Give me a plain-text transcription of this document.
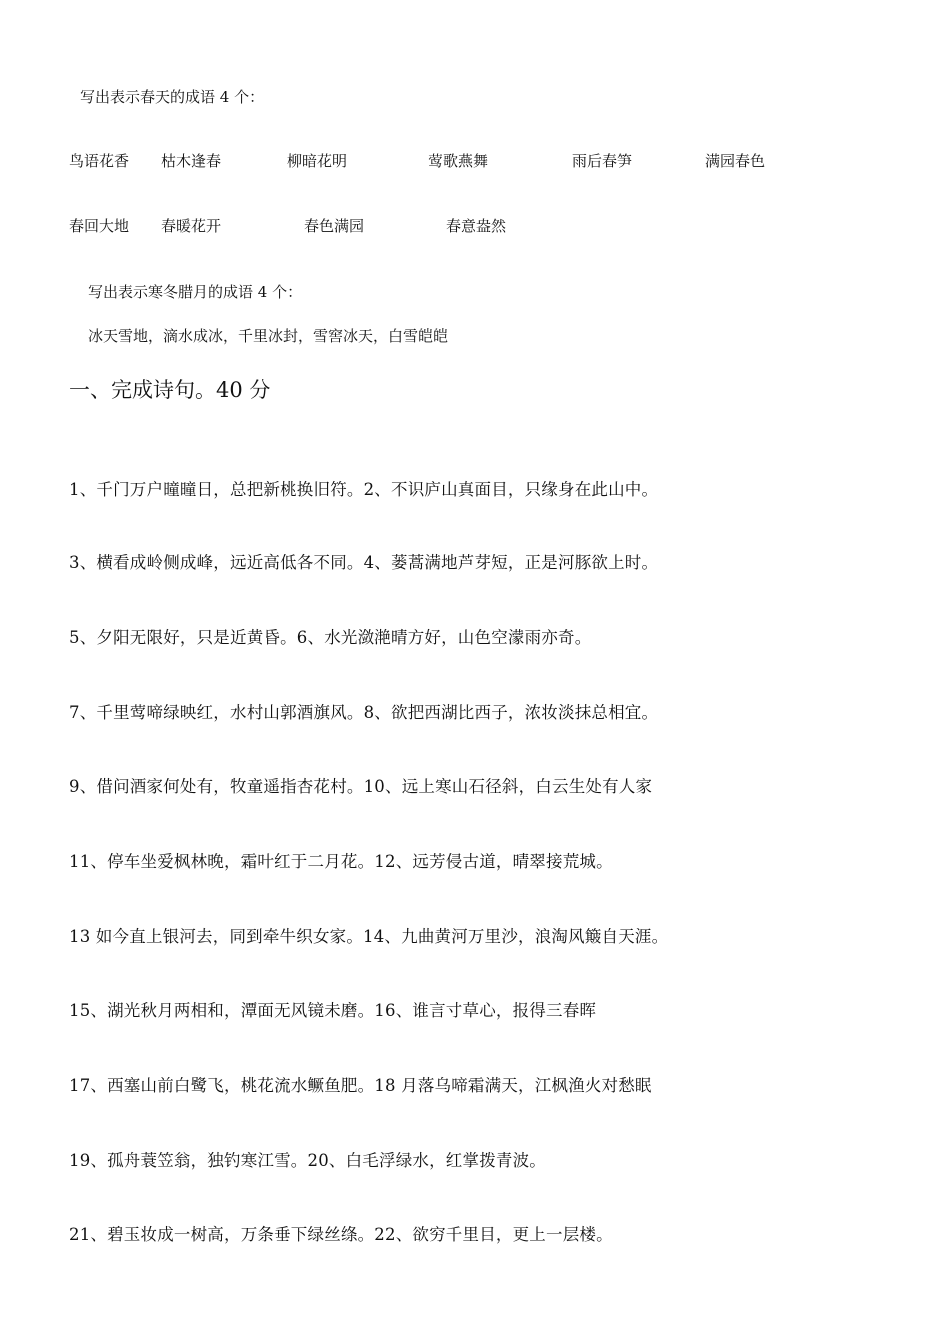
写出表示春天的成语 4 个：
鸟语花香 枯木逢春	柳暗花明	莺歌燕舞	雨后春笋	满园春色
春回大地 春暖花开	春色满园	春意盎然
写出表示寒冬腊月的成语 4 个：
冰天雪地，滴水成冰，千里冰封，雪窖冰天，白雪皑皑
一、完成诗句。40 分
1、千门万户曈曈日，总把新桃换旧符。2、不识庐山真面目，只缘身在此山中。
3、横看成岭侧成峰，远近高低各不同。4、蒌蒿满地芦芽短，正是河豚欲上时。
5、夕阳无限好，只是近黄昏。6、水光潋滟晴方好，山色空濛雨亦奇。
7、千里莺啼绿映红，水村山郭酒旗风。8、欲把西湖比西子，浓妆淡抹总相宜。
9、借问酒家何处有，牧童遥指杏花村。10、远上寒山石径斜，白云生处有人家
11、停车坐爱枫林晚，霜叶红于二月花。12、远芳侵古道，晴翠接荒城。
13 如今直上银河去，同到牵牛织女家。14、九曲黄河万里沙，浪淘风簸自天涯。
15、湖光秋月两相和，潭面无风镜未磨。16、谁言寸草心，报得三春晖
17、西塞山前白鹭飞，桃花流水鳜鱼肥。18 月落乌啼霜满天，江枫渔火对愁眠
19、孤舟蓑笠翁，独钓寒江雪。20、白毛浮绿水，红掌拨青波。
21、碧玉妆成一树高，万条垂下绿丝绦。22、欲穷千里目，更上一层楼。
